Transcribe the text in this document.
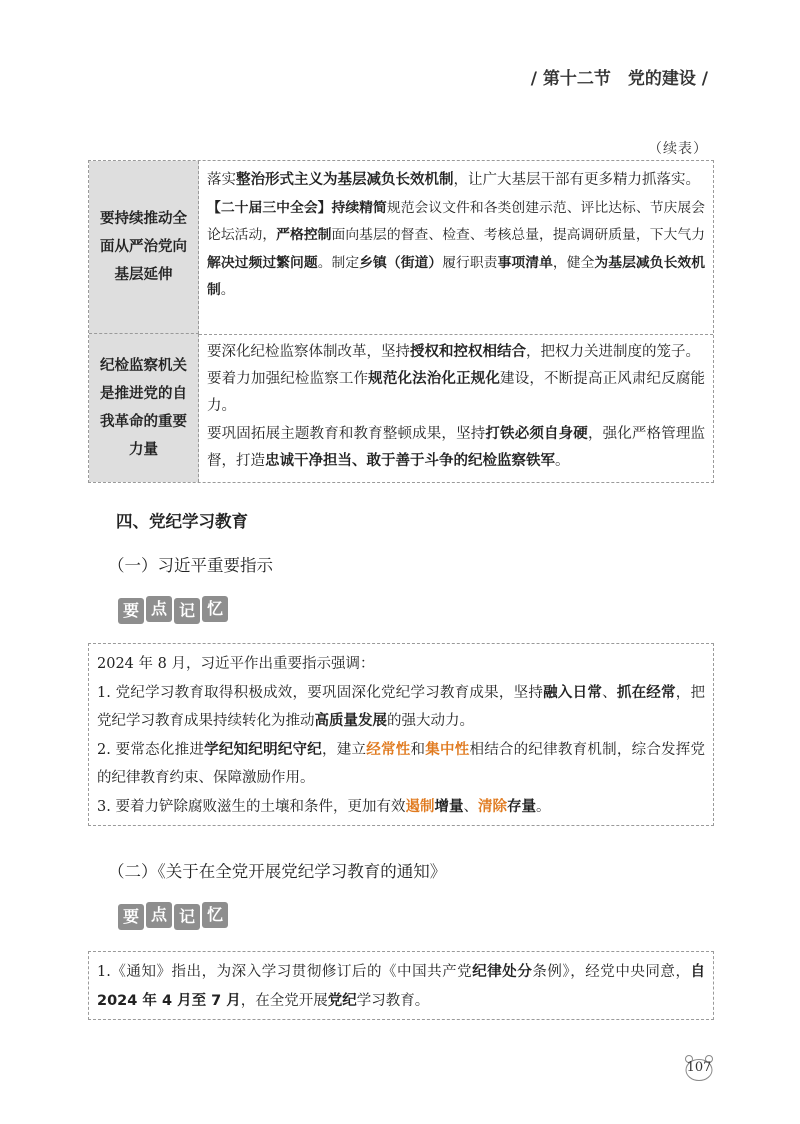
/ 第十二节　党的建设 /
（续表）
要持续推动全面从严治党向基层延伸
纪检监察机关是推进党的自我革命的重要力量

落实整治形式主义为基层减负长效机制，让广大基层干部有更多精力抓落实。

【二十届三中全会】持续精简规范会议文件和各类创建示范、评比达标、节庆展会论坛活动，严格控制面向基层的督查、检查、考核总量，提高调研质量，下大气力解决过频过繁问题。制定乡镇（街道）履行职责事项清单，健全为基层减负长效机制。

要深化纪检监察体制改革，坚持授权和控权相结合，把权力关进制度的笼子。

要着力加强纪检监察工作规范化法治化正规化建设，不断提高正风肃纪反腐能力。

要巩固拓展主题教育和教育整顿成果，坚持打铁必须自身硬，强化严格管理监督，打造忠诚干净担当、敢于善于斗争的纪检监察铁军。

四、党纪学习教育
（一）习近平重要指示
要 点 记 忆

2024 年 8 月，习近平作出重要指示强调：

1. 党纪学习教育取得积极成效，要巩固深化党纪学习教育成果，坚持融入日常、抓在经常，把党纪学习教育成果持续转化为推动高质量发展的强大动力。

2. 要常态化推进学纪知纪明纪守纪，建立经常性和集中性相结合的纪律教育机制，综合发挥党的纪律教育约束、保障激励作用。

3. 要着力铲除腐败滋生的土壤和条件，更加有效遏制增量、清除存量。

（二）《关于在全党开展党纪学习教育的通知》
要 点 记 忆

1.《通知》指出，为深入学习贯彻修订后的《中国共产党纪律处分条例》，经党中央同意，自 2024 年 4 月至 7 月，在全党开展党纪学习教育。

107
